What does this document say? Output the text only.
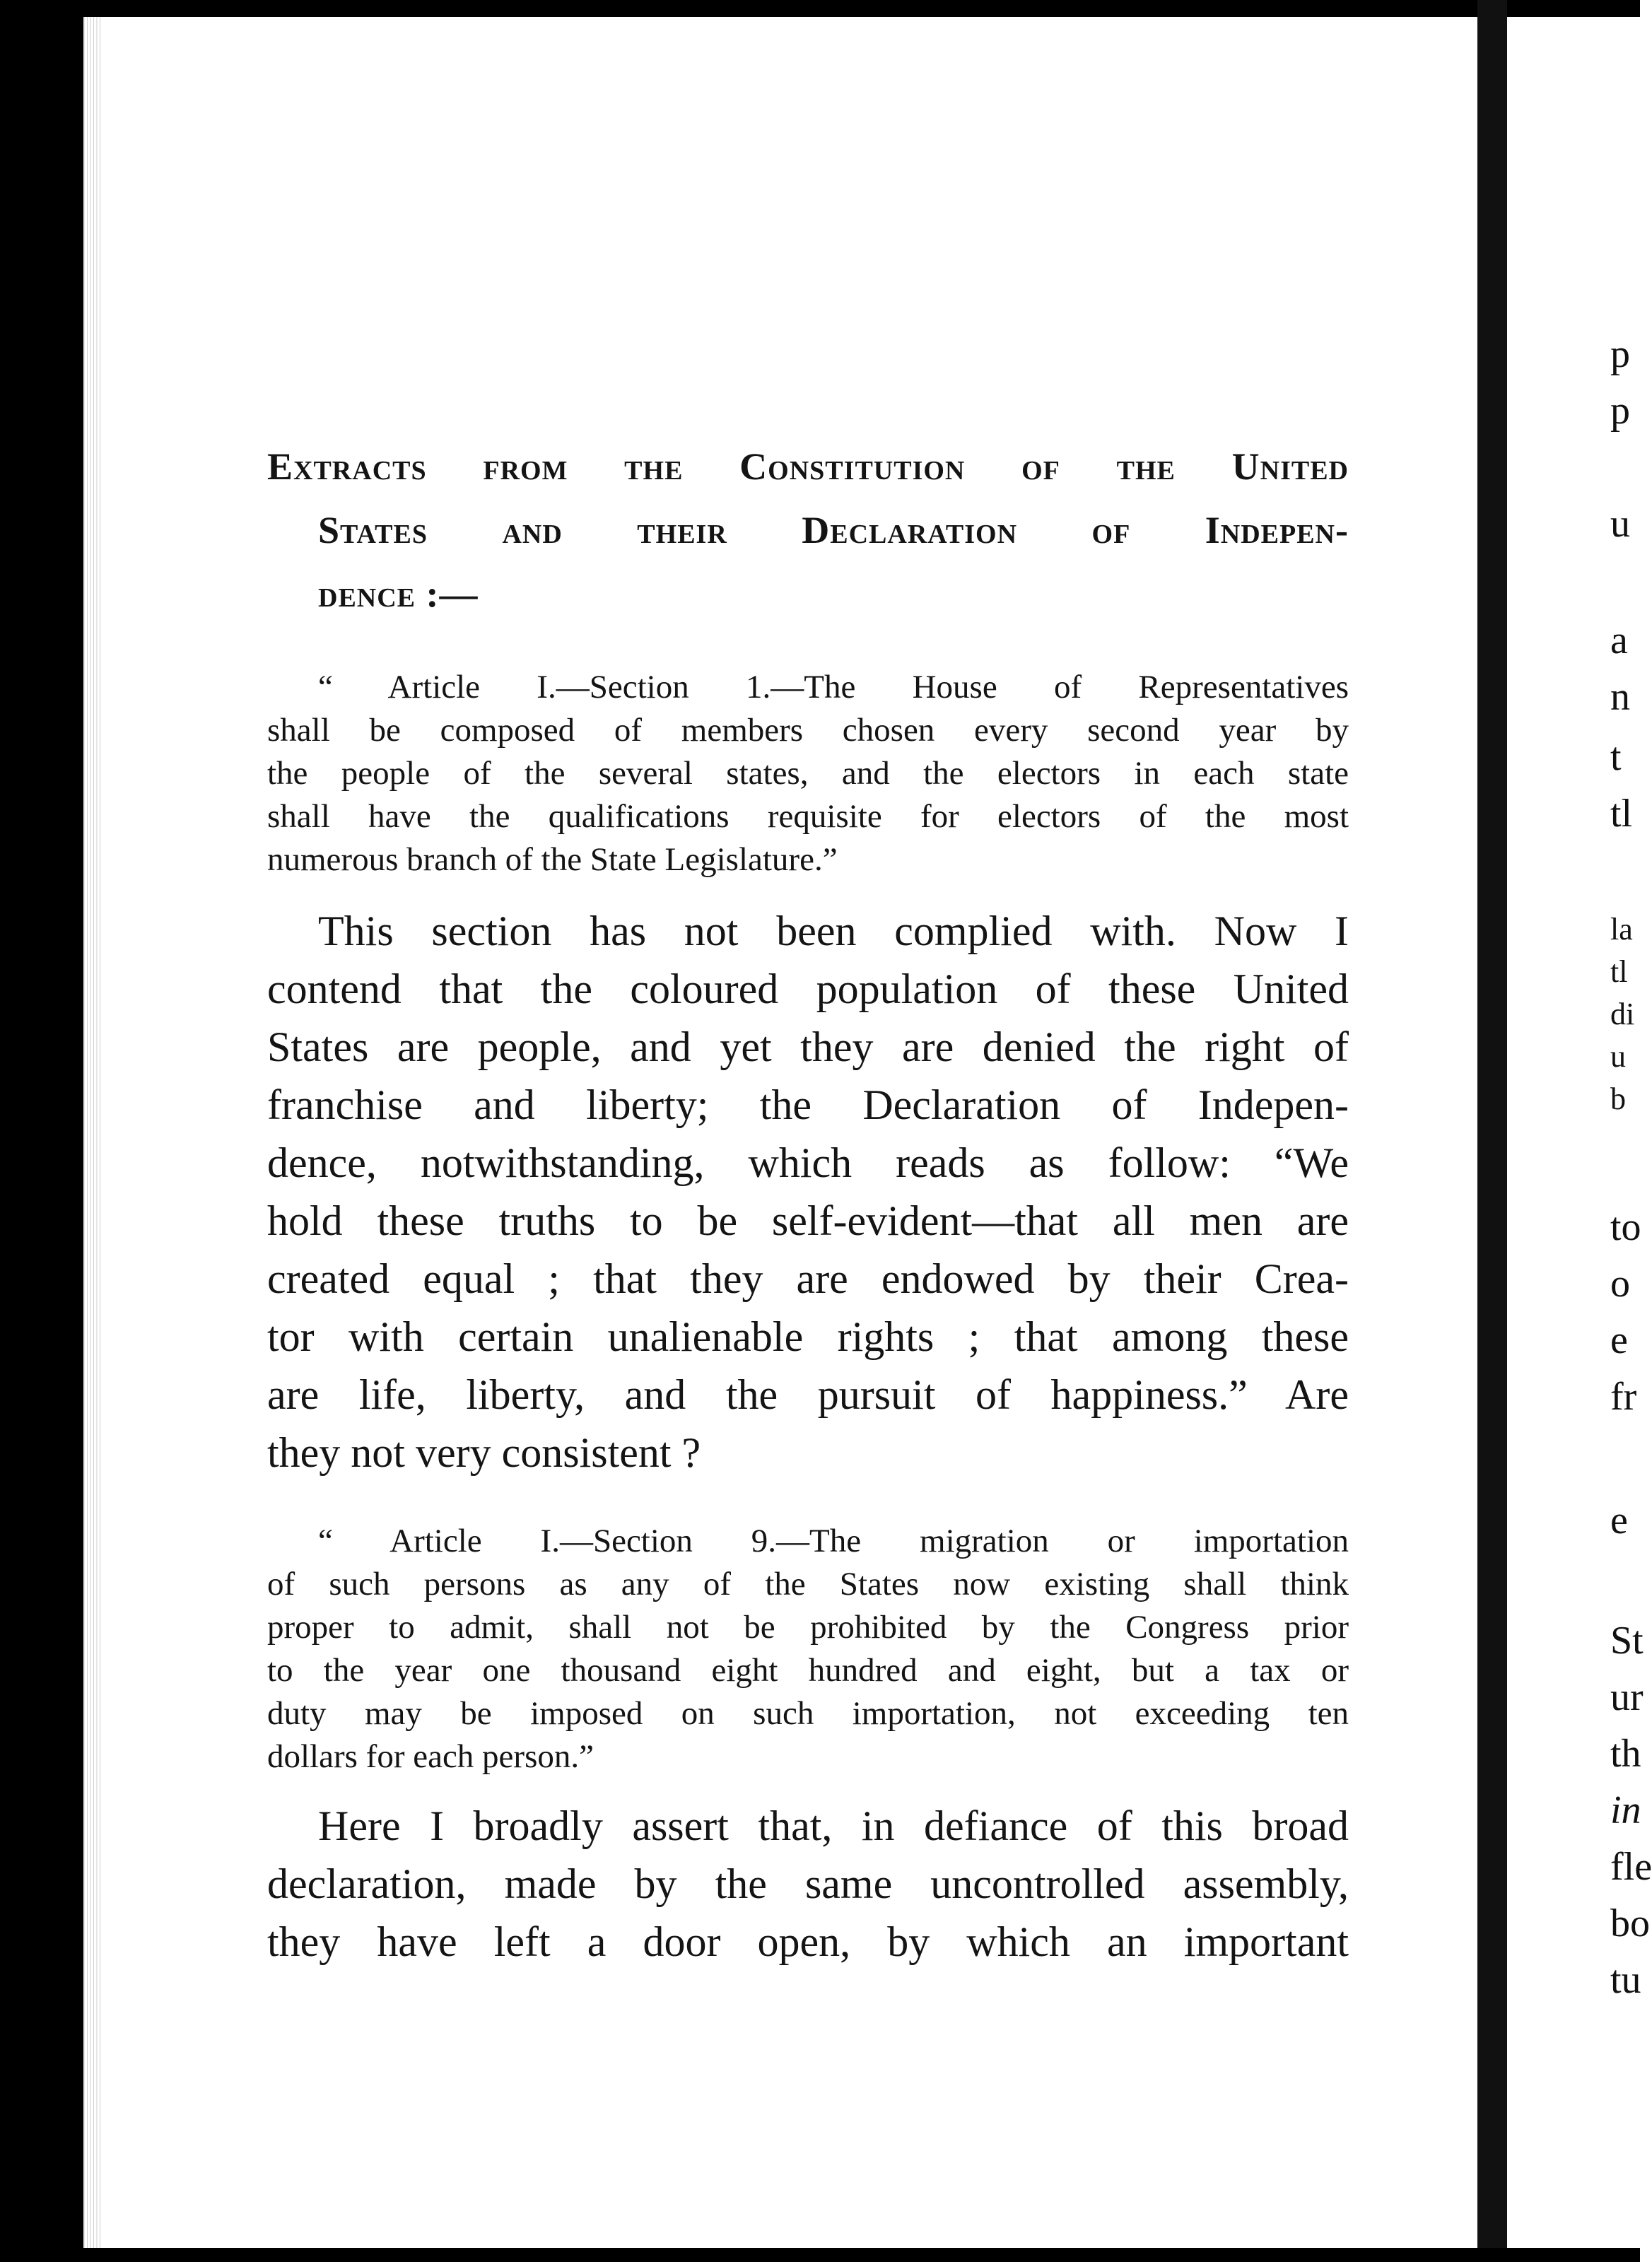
p
p
u
a
n
t
tl
la
tl
di
u
b
to
o
e
fr
e
St
ur
th
in
fle
bo
tu
Extracts from the Constitution of the United
States and their Declaration of Indepen-
dence :—
“ Article I.—Section 1.—The House of Representatives
shall be composed of members chosen every second year by
the people of the several states, and the electors in each state
shall have the qualifications requisite for electors of the most
numerous branch of the State Legislature.”
This section has not been complied with. Now I
contend that the coloured population of these United
States are people, and yet they are denied the right of
franchise and liberty; the Declaration of Indepen-
dence, notwithstanding, which reads as follow: “We
hold these truths to be self-evident—that all men are
created equal ; that they are endowed by their Crea-
tor with certain unalienable rights ; that among these
are life, liberty, and the pursuit of happiness.” Are
they not very consistent ?
“ Article I.—Section 9.—The migration or importation
of such persons as any of the States now existing shall think
proper to admit, shall not be prohibited by the Congress prior
to the year one thousand eight hundred and eight, but a tax or
duty may be imposed on such importation, not exceeding ten
dollars for each person.”
Here I broadly assert that, in defiance of this broad
declaration, made by the same uncontrolled assembly,
they have left a door open, by which an important
